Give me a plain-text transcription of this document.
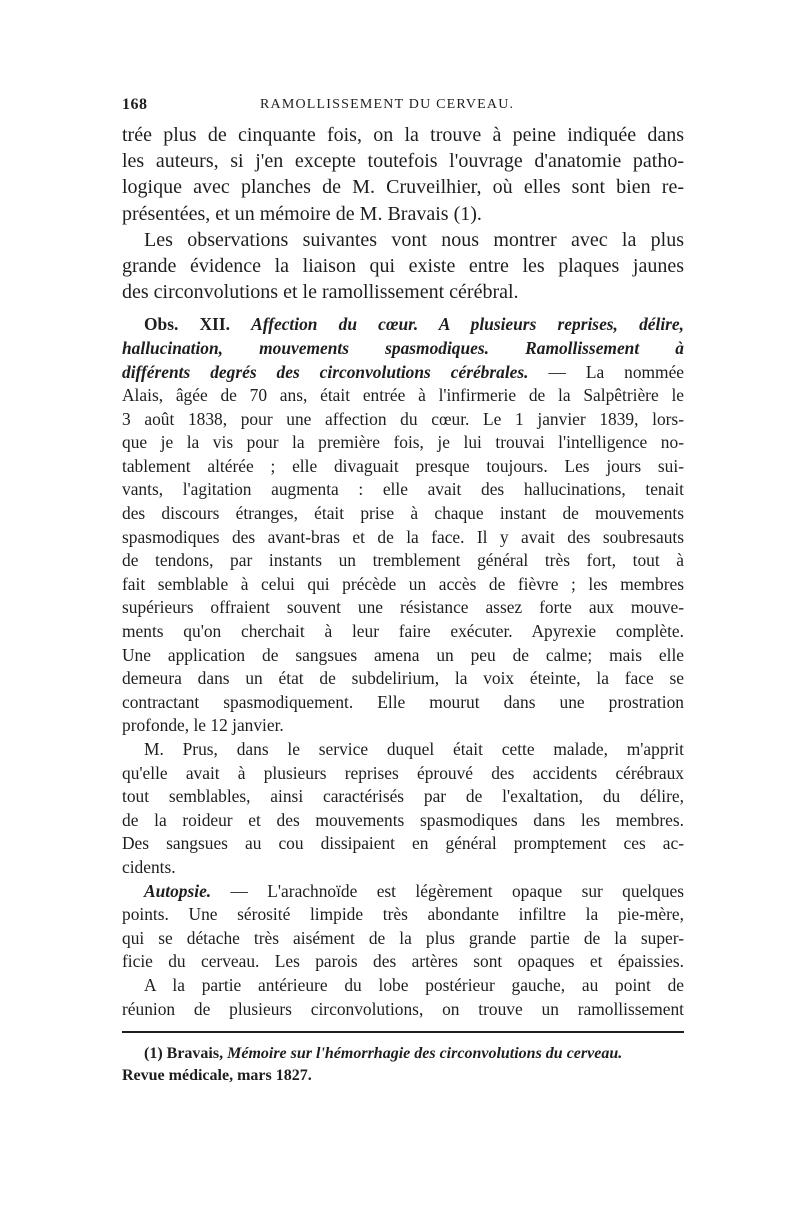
168	RAMOLLISSEMENT DU CERVEAU.
trée plus de cinquante fois, on la trouve à peine indiquée dans
les auteurs, si j'en excepte toutefois l'ouvrage d'anatomie patho-
logique avec planches de M. Cruveilhier, où elles sont bien re-
présentées, et un mémoire de M. Bravais (1).
Les observations suivantes vont nous montrer avec la plus
grande évidence la liaison qui existe entre les plaques jaunes
des circonvolutions et le ramollissement cérébral.
Obs. XII. Affection du cœur. A plusieurs reprises, délire,
hallucination, mouvements spasmodiques. Ramollissement à
différents degrés des circonvolutions cérébrales. — La nommée
Alais, âgée de 70 ans, était entrée à l'infirmerie de la Salpêtrière le
3 août 1838, pour une affection du cœur. Le 1 janvier 1839, lors-
que je la vis pour la première fois, je lui trouvai l'intelligence no-
tablement altérée ; elle divaguait presque toujours. Les jours sui-
vants, l'agitation augmenta : elle avait des hallucinations, tenait
des discours étranges, était prise à chaque instant de mouvements
spasmodiques des avant-bras et de la face. Il y avait des soubresauts
de tendons, par instants un tremblement général très fort, tout à
fait semblable à celui qui précède un accès de fièvre ; les membres
supérieurs offraient souvent une résistance assez forte aux mouve-
ments qu'on cherchait à leur faire exécuter. Apyrexie complète.
Une application de sangsues amena un peu de calme; mais elle
demeura dans un état de subdelirium, la voix éteinte, la face se
contractant spasmodiquement. Elle mourut dans une prostration
profonde, le 12 janvier.
M. Prus, dans le service duquel était cette malade, m'apprit
qu'elle avait à plusieurs reprises éprouvé des accidents cérébraux
tout semblables, ainsi caractérisés par de l'exaltation, du délire,
de la roideur et des mouvements spasmodiques dans les membres.
Des sangsues au cou dissipaient en général promptement ces ac-
cidents.
Autopsie. — L'arachnoïde est légèrement opaque sur quelques
points. Une sérosité limpide très abondante infiltre la pie-mère,
qui se détache très aisément de la plus grande partie de la super-
ficie du cerveau. Les parois des artères sont opaques et épaissies.
A la partie antérieure du lobe postérieur gauche, au point de
réunion de plusieurs circonvolutions, on trouve un ramollissement
(1) Bravais, Mémoire sur l'hémorrhagie des circonvolutions du cerveau.
Revue médicale, mars 1827.
